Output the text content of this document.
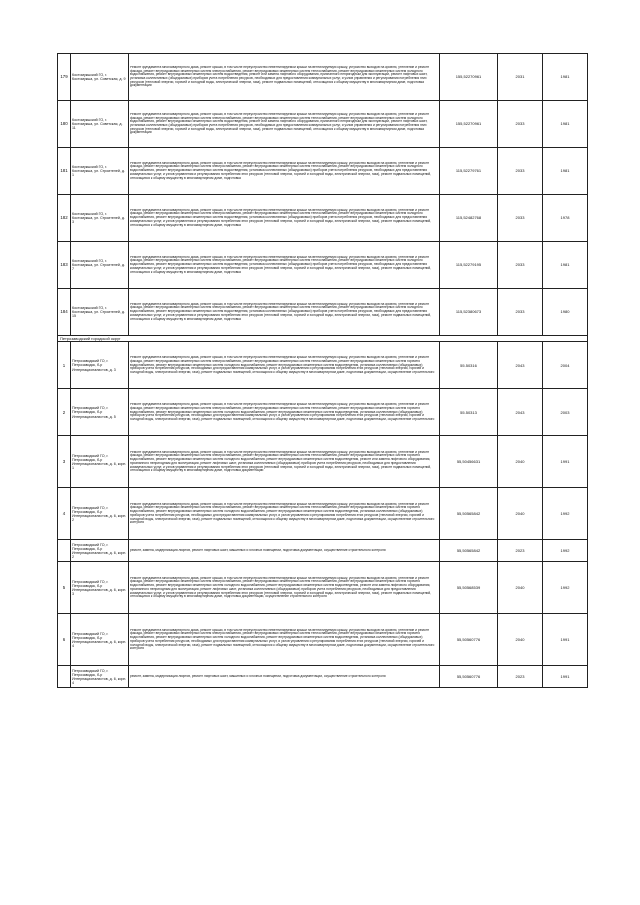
179	Костомукшский ГО, г. Костомукша, ул. Советская, д. 9	Ремонт фундамента многоквартирного дома, ремонт крыши, в том числе переустройство невентилируемой крыши на вентилируемую крышу, устройство выходов на кровлю, утепление и ремонт фасада, ремонт внутридомовых инженерных систем электроснабжения, ремонт внутридомовых инженерных систем теплоснабжения, ремонт внутридомовых инженерных систем холодного водоснабжения, ремонт внутридомовых инженерных систем водоотведения, ремонт или замена лифтового оборудования, признанного непригодным для эксплуатации, ремонт лифтовых шахт, установка коллективных (общедомовых) приборов учета потребления ресурсов, необходимых для предоставления коммунальных услуг, и узлов управления и регулирования потребления этих ресурсов (тепловой энергии, горячей и холодной воды, электрической энергии, газа), ремонт подвальных помещений, относящихся к общему имуществу в многоквартирном доме, подготовка документации	155,52270961	2031	1981

180	Костомукшский ГО, г. Костомукша, ул. Советская, д. 11	Ремонт фундамента многоквартирного дома, ремонт крыши, в том числе переустройство невентилируемой крыши на вентилируемую крышу, устройство выходов на кровлю, утепление и ремонт фасада, ремонт внутридомовых инженерных систем электроснабжения, ремонт внутридомовых инженерных систем теплоснабжения, ремонт внутридомовых инженерных систем холодного водоснабжения, ремонт внутридомовых инженерных систем водоотведения, ремонт или замена лифтового оборудования, признанного непригодным для эксплуатации, ремонт лифтовых шахт, установка коллективных (общедомовых) приборов учета потребления ресурсов, необходимых для предоставления коммунальных услуг, и узлов управления и регулирования потребления этих ресурсов (тепловой энергии, горячей и холодной воды, электрической энергии, газа), ремонт подвальных помещений, относящихся к общему имуществу в многоквартирном доме, подготовка документации	155,52270961	2033	1981

181	Костомукшский ГО, г. Костомукша, ул. Строителей, д. 1	Ремонт фундамента многоквартирного дома, ремонт крыши, в том числе переустройство невентилируемой крыши на вентилируемую крышу, устройство выходов на кровлю, утепление и ремонт фасада, ремонт внутридомовых инженерных систем электроснабжения, ремонт внутридомовых инженерных систем теплоснабжения, ремонт внутридомовых инженерных систем холодного водоснабжения, ремонт внутридомовых инженерных систем водоотведения, установка коллективных (общедомовых) приборов учета потребления ресурсов, необходимых для предоставления коммунальных услуг, и узлов управления и регулирования потребления этих ресурсов (тепловой энергии, горячей и холодной воды, электрической энергии, газа), ремонт подвальных помещений, относящихся к общему имуществу в многоквартирном доме, подготовка	115,52279761	2033	1981

182	Костомукшский ГО, г. Костомукша, ул. Строителей, д. 3	Ремонт фундамента многоквартирного дома, ремонт крыши, в том числе переустройство невентилируемой крыши на вентилируемую крышу, устройство выходов на кровлю, утепление и ремонт фасада, ремонт внутридомовых инженерных систем электроснабжения, ремонт внутридомовых инженерных систем теплоснабжения, ремонт внутридомовых инженерных систем холодного водоснабжения, ремонт внутридомовых инженерных систем водоотведения, установка коллективных (общедомовых) приборов учета потребления ресурсов, необходимых для предоставления коммунальных услуг, и узлов управления и регулирования потребления этих ресурсов (тепловой энергии, горячей и холодной воды, электрической энергии, газа), ремонт подвальных помещений, относящихся к общему имуществу в многоквартирном доме, подготовка	115,52482768	2033	1978

183	Костомукшский ГО, г. Костомукша, ул. Строителей, д. 7	Ремонт фундамента многоквартирного дома, ремонт крыши, в том числе переустройство невентилируемой крыши на вентилируемую крышу, устройство выходов на кровлю, утепление и ремонт фасада, ремонт внутридомовых инженерных систем электроснабжения, ремонт внутридомовых инженерных систем теплоснабжения, ремонт внутридомовых инженерных систем холодного водоснабжения, ремонт внутридомовых инженерных систем водоотведения, установка коллективных (общедомовых) приборов учета потребления ресурсов, необходимых для предоставления коммунальных услуг, и узлов управления и регулирования потребления этих ресурсов (тепловой энергии, горячей и холодной воды, электрической энергии, газа), ремонт подвальных помещений, относящихся к общему имуществу в многоквартирном доме, подготовка	115,52279195	2033	1981

184	Костомукшский ГО, г. Костомукша, ул. Строителей, д. 15	Ремонт фундамента многоквартирного дома, ремонт крыши, в том числе переустройство невентилируемой крыши на вентилируемую крышу, устройство выходов на кровлю, утепление и ремонт фасада, ремонт внутридомовых инженерных систем электроснабжения, ремонт внутридомовых инженерных систем теплоснабжения, ремонт внутридомовых инженерных систем холодного водоснабжения, ремонт внутридомовых инженерных систем водоотведения, установка коллективных (общедомовых) приборов учета потребления ресурсов, необходимых для предоставления коммунальных услуг, и узлов управления и регулирования потребления этих ресурсов (тепловой энергии, горячей и холодной воды, электрической энергии, газа), ремонт подвальных помещений, относящихся к общему имуществу в многоквартирном доме, подготовка	115,52380673	2033	1980

Петрозаводский городской округ					

1	Петрозаводский ГО, г. Петрозаводск, б-р Интернационалистов, д. 3	Ремонт фундамента многоквартирного дома, ремонт крыши, в том числе переустройство невентилируемой крыши на вентилируемую крышу, устройство выходов на кровлю, утепление и ремонт фасада, ремонт внутридомовых инженерных систем электроснабжения, ремонт внутридомовых инженерных систем теплоснабжения, ремонт внутридомовых инженерных систем горячего водоснабжения, ремонт внутридомовых инженерных систем холодного водоснабжения, ремонт внутридомовых инженерных систем водоотведения, установка коллективных (общедомовых) приборов учета потребления ресурсов, необходимых для предоставления коммунальных услуг, и узлов управления и регулирования потребления этих ресурсов (тепловой энергии, горячей и холодной воды, электрической энергии, газа), ремонт подвальных помещений, относящихся к общему имуществу в многоквартирном доме, подготовка документации, осуществление строительного	55,50316	2043	2004

2	Петрозаводский ГО, г. Петрозаводск, б-р Интернационалистов, д. 5	Ремонт фундамента многоквартирного дома, ремонт крыши, в том числе переустройство невентилируемой крыши на вентилируемую крышу, устройство выходов на кровлю, утепление и ремонт фасада, ремонт внутридомовых инженерных систем электроснабжения, ремонт внутридомовых инженерных систем теплоснабжения, ремонт внутридомовых инженерных систем горячего водоснабжения, ремонт внутридомовых инженерных систем холодного водоснабжения, ремонт внутридомовых инженерных систем водоотведения, установка коллективных (общедомовых) приборов учета потребления ресурсов, необходимых для предоставления коммунальных услуг, и узлов управления и регулирования потребления этих ресурсов (тепловой энергии, горячей и холодной воды, электрической энергии, газа), ремонт подвальных помещений, относящихся к общему имуществу в многоквартирном доме, подготовка документации, осуществление строительного	55,50313	2043	2003

3	Петрозаводский ГО, г. Петрозаводск, б-р Интернационалистов, д. 6, корп. 1	Ремонт фундамента многоквартирного дома, ремонт крыши, в том числе переустройство невентилируемой крыши на вентилируемую крышу, устройство выходов на кровлю, утепление и ремонт фасада, ремонт внутридомовых инженерных систем электроснабжения, ремонт внутридомовых инженерных систем теплоснабжения, ремонт внутридомовых инженерных систем горячего водоснабжения, ремонт внутридомовых инженерных систем холодного водоснабжения, ремонт внутридомовых инженерных систем водоотведения, ремонт или замена лифтового оборудования, признанного непригодным для эксплуатации, ремонт лифтовых шахт, установка коллективных (общедомовых) приборов учета потребления ресурсов, необходимых для предоставления коммунальных услуг, и узлов управления и регулирования потребления этих ресурсов (тепловой энергии, горячей и холодной воды, электрической энергии, газа), ремонт подвальных помещений, относящихся к общему имуществу в многоквартирном доме, подготовка документации	55,50456631	2040	1991

4	Петрозаводский ГО, г. Петрозаводск, б-р Интернационалистов, д. 6, корп. 2	Ремонт фундамента многоквартирного дома, ремонт крыши, в том числе переустройство невентилируемой крыши на вентилируемую крышу, устройство выходов на кровлю, утепление и ремонт фасада, ремонт внутридомовых инженерных систем электроснабжения, ремонт внутридомовых инженерных систем теплоснабжения, ремонт внутридомовых инженерных систем горячего водоснабжения, ремонт внутридомовых инженерных систем холодного водоснабжения, ремонт внутридомовых инженерных систем водоотведения, установка коллективных (общедомовых) приборов учета потребления ресурсов, необходимых для предоставления коммунальных услуг, и узлов управления и регулирования потребления этих ресурсов (тепловой энергии, горячей и холодной воды, электрической энергии, газа), ремонт подвальных помещений, относящихся к общему имуществу в многоквартирном доме, подготовка документации, осуществление строительного контроля	55,50565842	2040	1992

	Петрозаводский ГО, г. Петрозаводск, б-р Интернационалистов, д. 6, корп. 2	ремонт, замена, модернизация лифтов, ремонт лифтовых шахт, машинных и блочных помещений, подготовка документации, осуществление строительного контроля	55,50565842	2023	1992

5	Петрозаводский ГО, г. Петрозаводск, б-р Интернационалистов, д. 6, корп. 3	Ремонт фундамента многоквартирного дома, ремонт крыши, в том числе переустройство невентилируемой крыши на вентилируемую крышу, устройство выходов на кровлю, утепление и ремонт фасада, ремонт внутридомовых инженерных систем электроснабжения, ремонт внутридомовых инженерных систем теплоснабжения, ремонт внутридомовых инженерных систем горячего водоснабжения, ремонт внутридомовых инженерных систем холодного водоснабжения, ремонт внутридомовых инженерных систем водоотведения, ремонт или замена лифтового оборудования, признанного непригодным для эксплуатации, ремонт лифтовых шахт, установка коллективных (общедомовых) приборов учета потребления ресурсов, необходимых для предоставления коммунальных услуг, и узлов управления и регулирования потребления этих ресурсов (тепловой энергии, горячей и холодной воды, электрической энергии, газа), ремонт подвальных помещений, относящихся к общему имуществу в многоквартирном доме, подготовка документации, осуществление строительного контроля	55,50568539	2040	1992

6	Петрозаводский ГО, г. Петрозаводск, б-р Интернационалистов, д. 6, корп. 4	Ремонт фундамента многоквартирного дома, ремонт крыши, в том числе переустройство невентилируемой крыши на вентилируемую крышу, устройство выходов на кровлю, утепление и ремонт фасада, ремонт внутридомовых инженерных систем электроснабжения, ремонт внутридомовых инженерных систем теплоснабжения, ремонт внутридомовых инженерных систем горячего водоснабжения, ремонт внутридомовых инженерных систем холодного водоснабжения, ремонт внутридомовых инженерных систем водоотведения, установка коллективных (общедомовых) приборов учета потребления ресурсов, необходимых для предоставления коммунальных услуг, и узлов управления и регулирования потребления этих ресурсов (тепловой энергии, горячей и холодной воды, электрической энергии, газа), ремонт подвальных помещений, относящихся к общему имуществу в многоквартирном доме, подготовка документации, осуществление строительного контроля	55,50560776	2040	1991

	Петрозаводский ГО, г. Петрозаводск, б-р Интернационалистов, д. 6, корп. 4	ремонт, замена, модернизация лифтов, ремонт лифтовых шахт, машинных и блочных помещений, подготовка документации, осуществление строительного контроля	55,50560776	2023	1991
